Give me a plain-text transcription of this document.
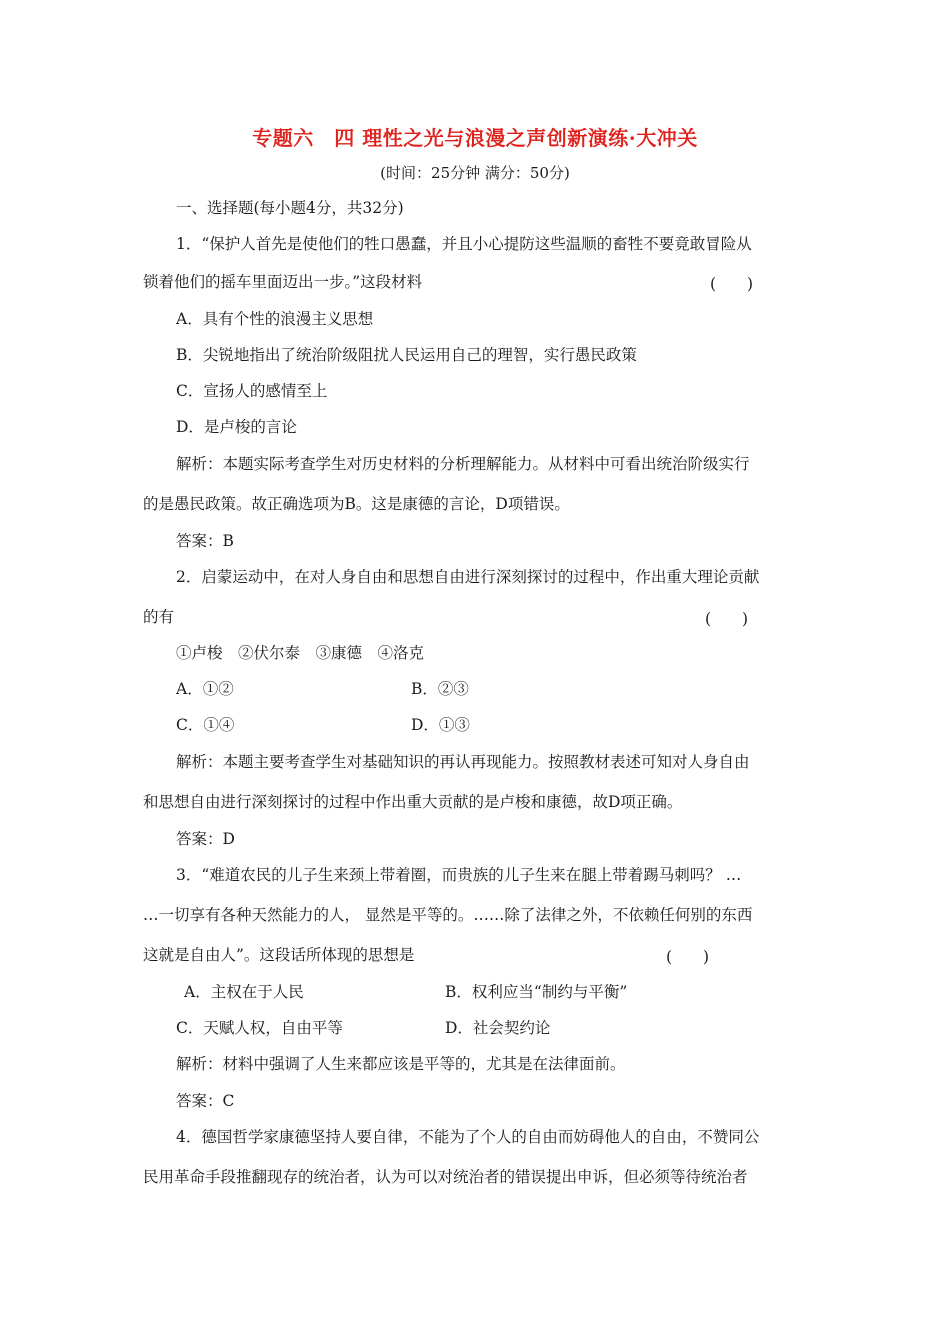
专题六　四 理性之光与浪漫之声创新演练·大冲关
(时间：25分钟 满分：50分)
一、选择题(每小题4分，共32分)
1．“保护人首先是使他们的牲口愚蠢，并且小心提防这些温顺的畜牲不要竟敢冒险从
锁着他们的摇车里面迈出一步。”这段材料	(　　)
A．具有个性的浪漫主义思想
B．尖锐地指出了统治阶级阻扰人民运用自己的理智，实行愚民政策
C．宣扬人的感情至上
D．是卢梭的言论
解析：本题实际考查学生对历史材料的分析理解能力。从材料中可看出统治阶级实行
的是愚民政策。故正确选项为B。这是康德的言论，D项错误。
答案：B
2．启蒙运动中，在对人身自由和思想自由进行深刻探讨的过程中，作出重大理论贡献
的有	(　　)
①卢梭　②伏尔泰　③康德　④洛克
A．①②	B．②③
C．①④	D．①③
解析：本题主要考查学生对基础知识的再认再现能力。按照教材表述可知对人身自由
和思想自由进行深刻探讨的过程中作出重大贡献的是卢梭和康德，故D项正确。
答案：D
3．“难道农民的儿子生来颈上带着圈，而贵族的儿子生来在腿上带着踢马刺吗？ …
…一切享有各种天然能力的人， 显然是平等的。……除了法律之外，不依赖任何别的东西
这就是自由人”。这段话所体现的思想是	(　　)
A．主权在于人民	B．权利应当“制约与平衡”
C．天赋人权，自由平等	D．社会契约论
解析：材料中强调了人生来都应该是平等的，尤其是在法律面前。
答案：C
4．德国哲学家康德坚持人要自律，不能为了个人的自由而妨碍他人的自由，不赞同公
民用革命手段推翻现存的统治者，认为可以对统治者的错误提出申诉，但必须等待统治者
